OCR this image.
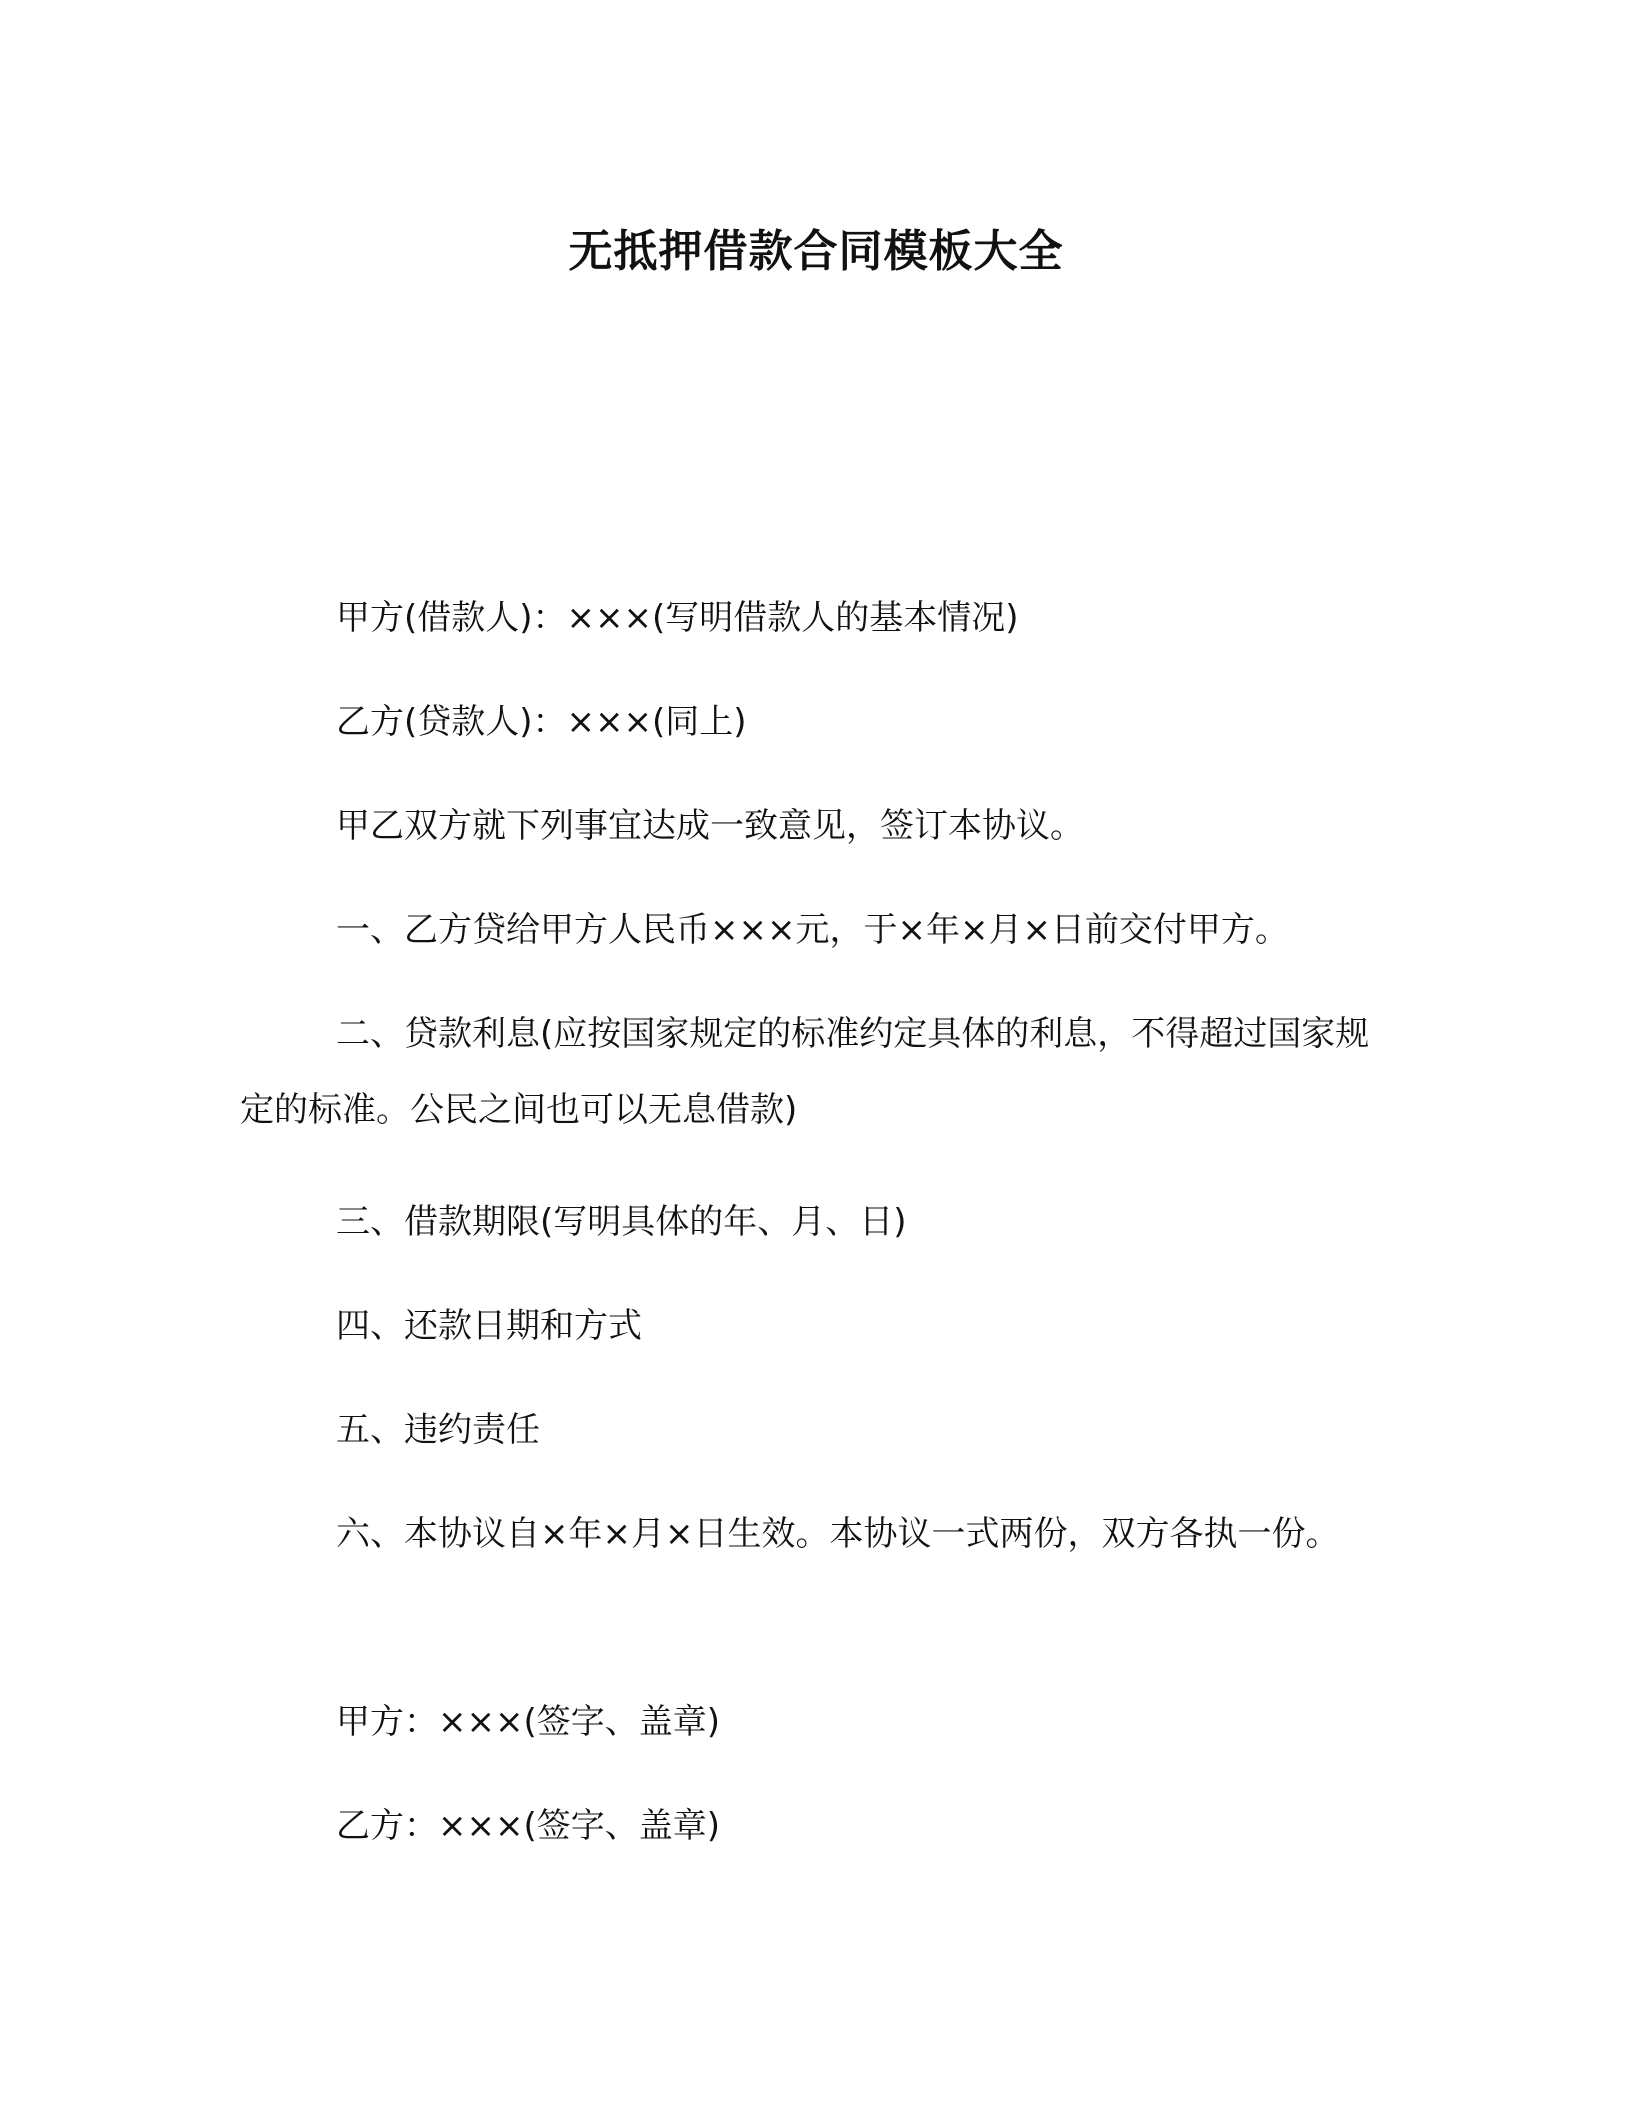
无抵押借款合同模板大全
甲方(借款人)：×××(写明借款人的基本情况)
乙方(贷款人)：×××(同上)
甲乙双方就下列事宜达成一致意见，签订本协议。
一、乙方贷给甲方人民币×××元，于×年×月×日前交付甲方。
二、贷款利息(应按国家规定的标准约定具体的利息，不得超过国家规定的标准。公民之间也可以无息借款)
三、借款期限(写明具体的年、月、日)
四、还款日期和方式
五、违约责任
六、本协议自×年×月×日生效。本协议一式两份，双方各执一份。
甲方：×××(签字、盖章)
乙方：×××(签字、盖章)
